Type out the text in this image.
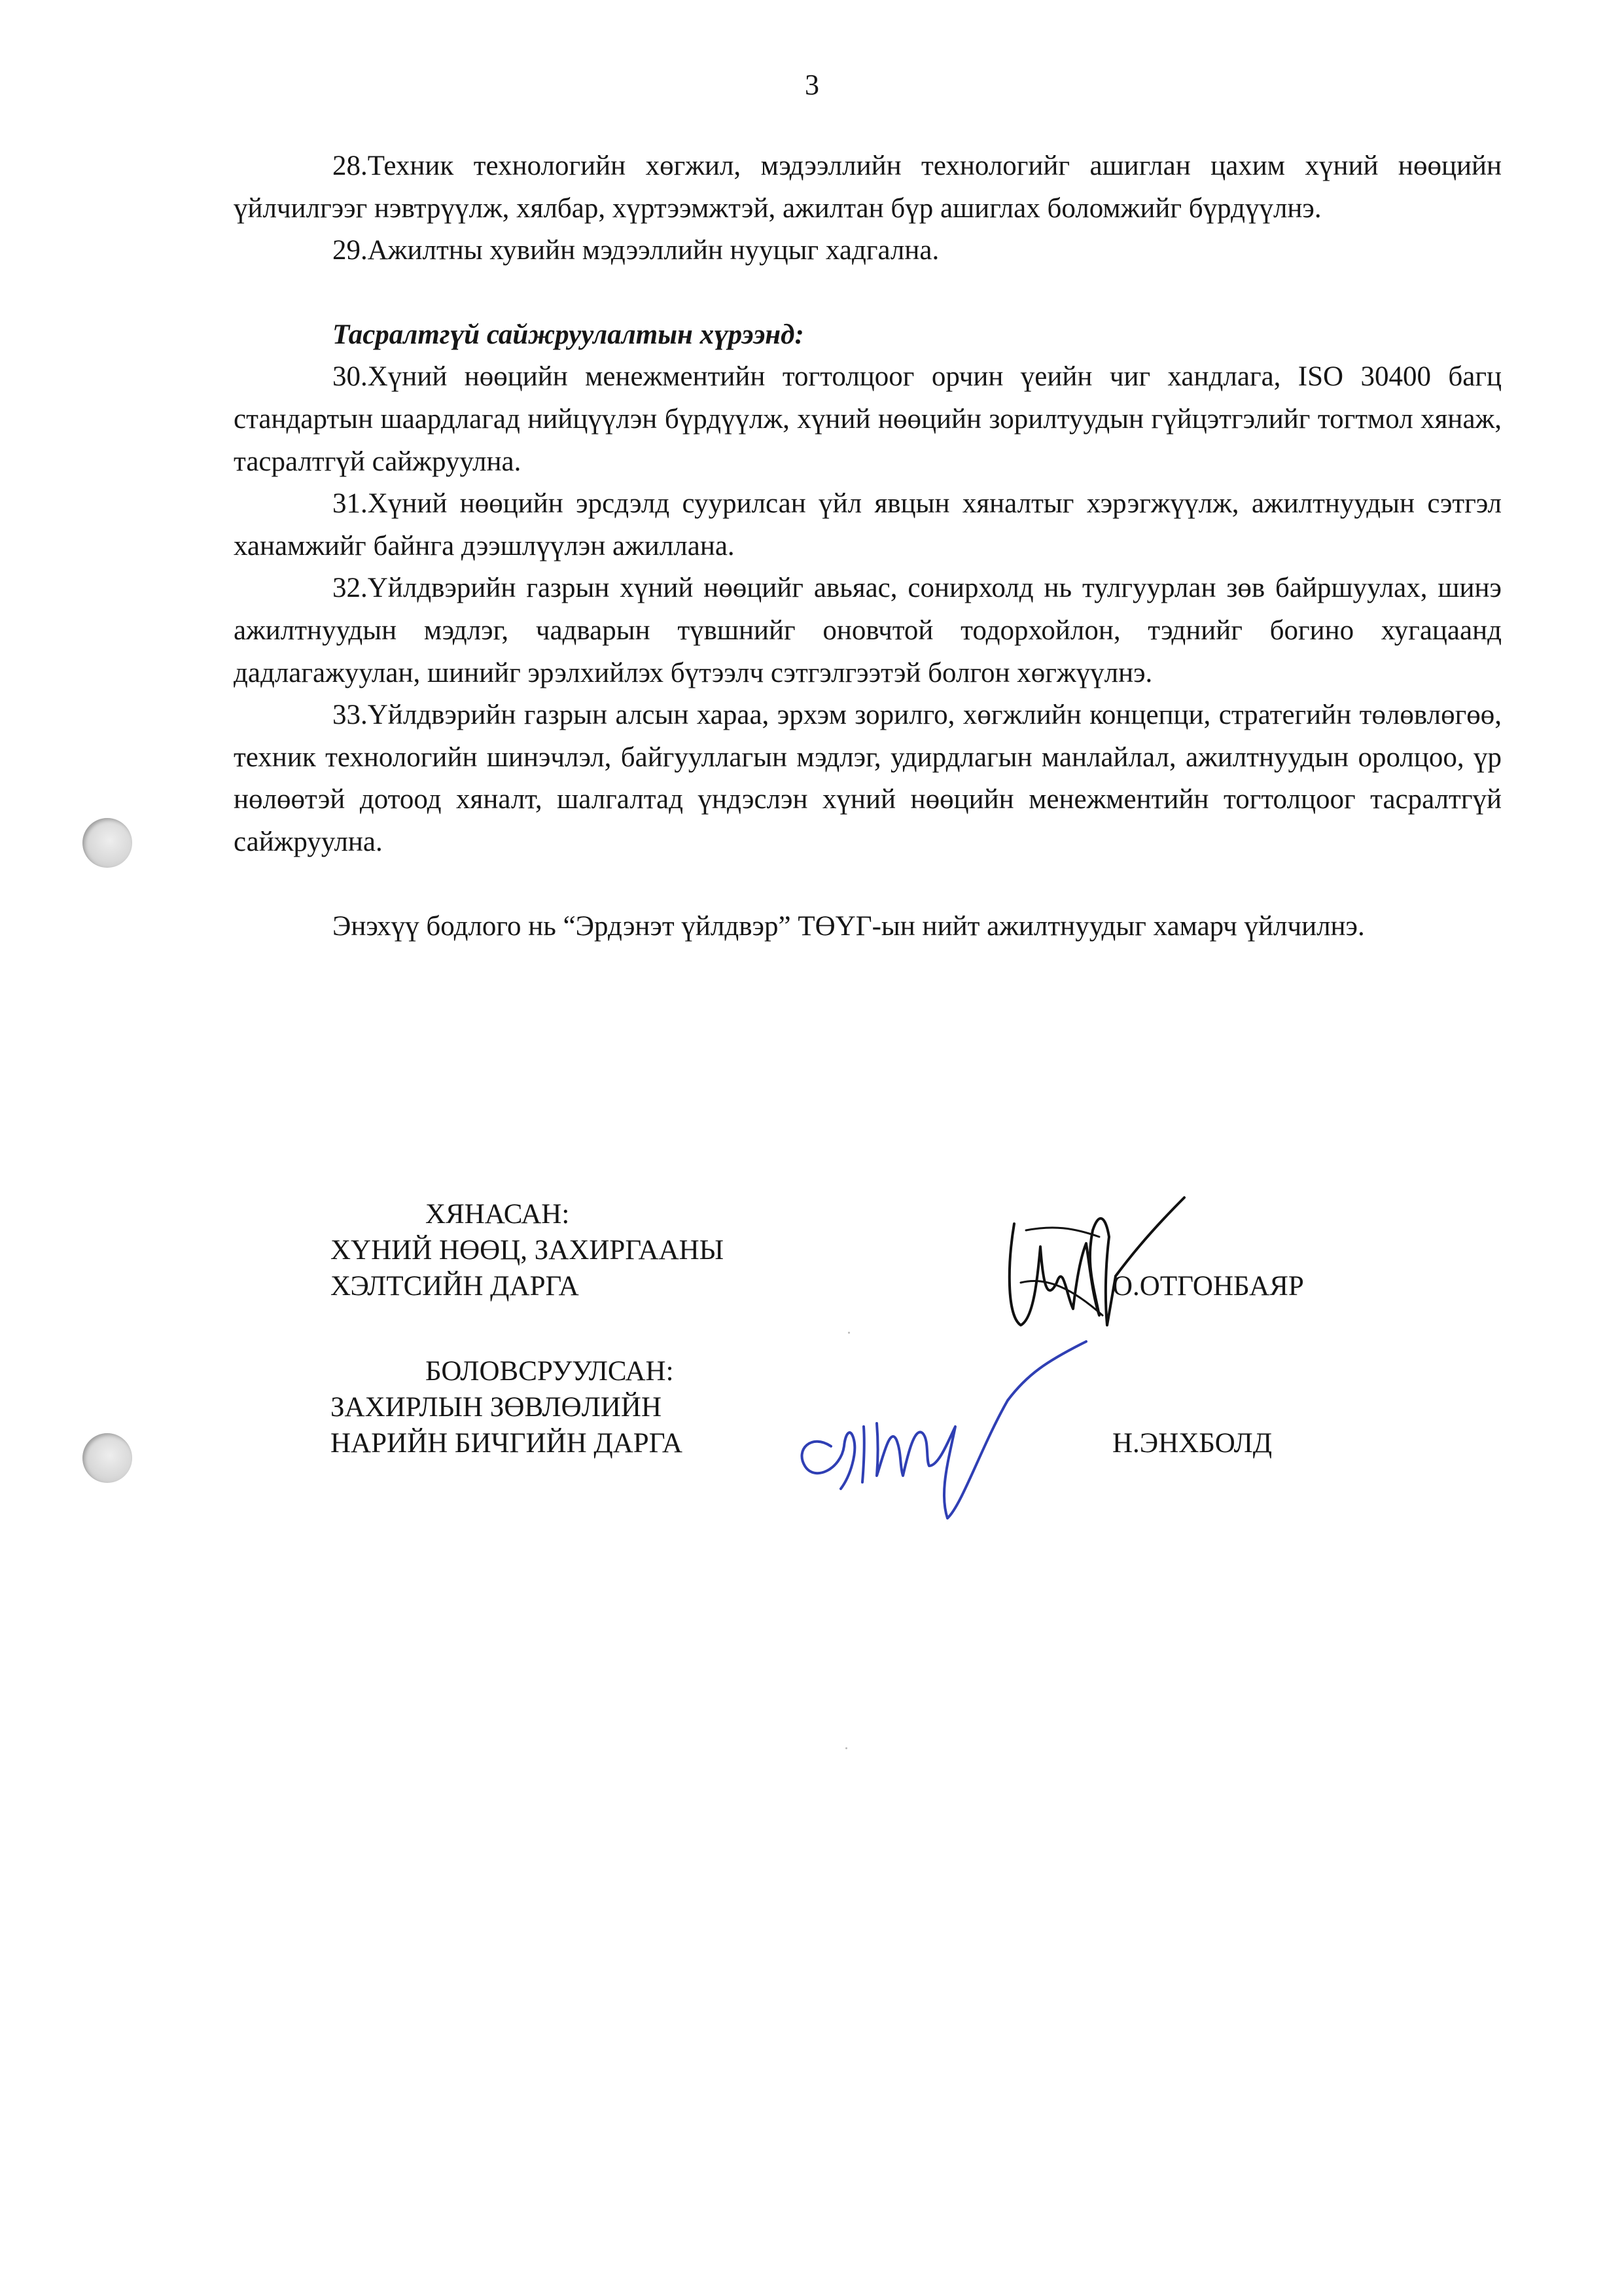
3

28.Техник технологийн хөгжил, мэдээллийн технологийг ашиглан цахим хүний нөөцийн үйлчилгээг нэвтрүүлж, хялбар, хүртээмжтэй, ажилтан бүр ашиглах боломжийг бүрдүүлнэ.

29.Ажилтны хувийн мэдээллийн нууцыг хадгална.

Тасралтгүй сайжруулалтын хүрээнд:

30.Хүний нөөцийн менежментийн тогтолцоог орчин үеийн чиг хандлага, ISO 30400 багц стандартын шаардлагад нийцүүлэн бүрдүүлж, хүний нөөцийн зорилтуудын гүйцэтгэлийг тогтмол хянаж, тасралтгүй сайжруулна.

31.Хүний нөөцийн эрсдэлд суурилсан үйл явцын хяналтыг хэрэгжүүлж, ажилтнуудын сэтгэл ханамжийг байнга дээшлүүлэн ажиллана.

32.Үйлдвэрийн газрын хүний нөөцийг авьяас, сонирхолд нь тулгуурлан зөв байршуулах, шинэ ажилтнуудын мэдлэг, чадварын түвшнийг оновчтой тодорхойлон, тэднийг богино хугацаанд дадлагажуулан, шинийг эрэлхийлэх бүтээлч сэтгэлгээтэй болгон хөгжүүлнэ.

33.Үйлдвэрийн газрын алсын хараа, эрхэм зорилго, хөгжлийн концепци, стратегийн төлөвлөгөө, техник технологийн шинэчлэл, байгууллагын мэдлэг, удирдлагын манлайлал, ажилтнуудын оролцоо, үр нөлөөтэй дотоод хяналт, шалгалтад үндэслэн хүний нөөцийн менежментийн тогтолцоог тасралтгүй сайжруулна.

Энэхүү бодлого нь “Эрдэнэт үйлдвэр” ТӨҮГ-ын нийт ажилтнуудыг хамарч үйлчилнэ.

ХЯНАСАН:
ХҮНИЙ НӨӨЦ, ЗАХИРГААНЫ
ХЭЛТСИЙН ДАРГА	О.ОТГОНБАЯР
БОЛОВСРУУЛСАН:
ЗАХИРЛЫН ЗӨВЛӨЛИЙН
НАРИЙН БИЧГИЙН ДАРГА	Н.ЭНХБОЛД
